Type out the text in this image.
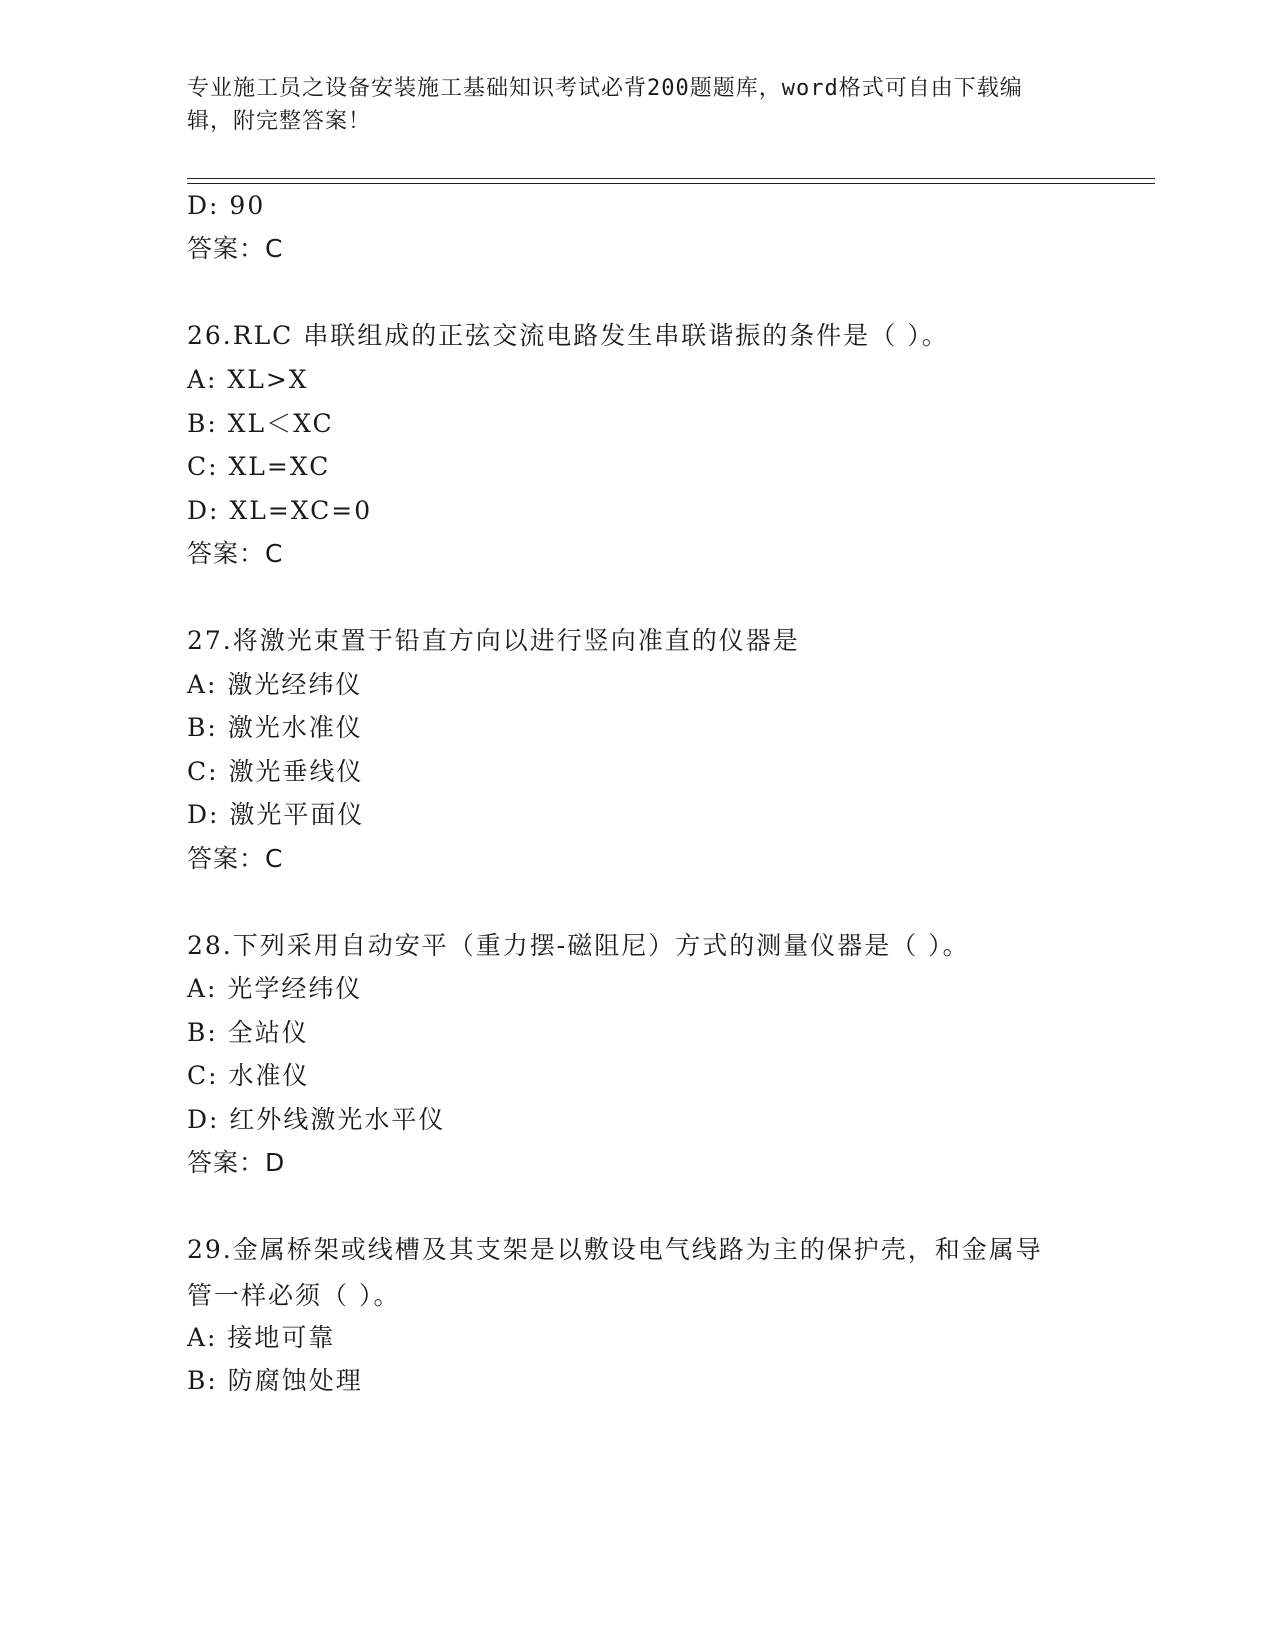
专业施工员之设备安装施工基础知识考试必背200题题库，word格式可自由下载编辑，附完整答案！
D: 90
答案：C
26.RLC 串联组成的正弦交流电路发生串联谐振的条件是（ ）。
A: XL>X
B: XL＜XC
C: XL=XC
D: XL=XC=0
答案：C
27.将激光束置于铅直方向以进行竖向准直的仪器是
A: 激光经纬仪
B: 激光水准仪
C: 激光垂线仪
D: 激光平面仪
答案：C
28.下列采用自动安平（重力摆-磁阻尼）方式的测量仪器是（ ）。
A: 光学经纬仪
B: 全站仪
C: 水准仪
D: 红外线激光水平仪
答案：D
29.金属桥架或线槽及其支架是以敷设电气线路为主的保护壳，和金属导管一样必须（ ）。
A: 接地可靠
B: 防腐蚀处理
